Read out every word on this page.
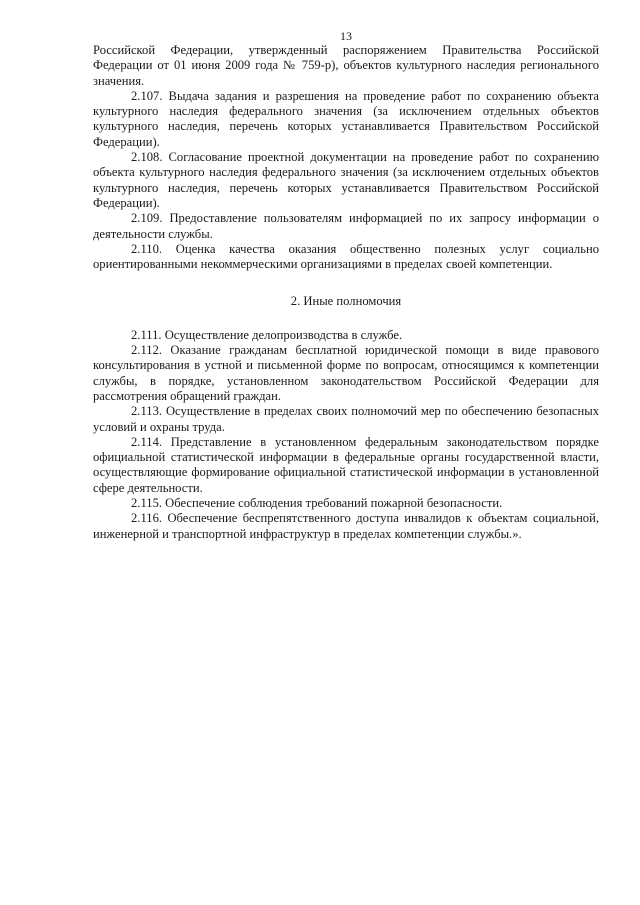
13

Российской Федерации, утвержденный распоряжением Правительства Российской Федерации от 01 июня 2009 года № 759-р), объектов культурного наследия регионального значения.

2.107. Выдача задания и разрешения на проведение работ по сохранению объекта культурного наследия федерального значения (за исключением отдельных объектов культурного наследия, перечень которых устанавливается Правительством Российской Федерации).

2.108. Согласование проектной документации на проведение работ по сохранению объекта культурного наследия федерального значения (за исключением отдельных объектов культурного наследия, перечень которых устанавливается Правительством Российской Федерации).

2.109. Предоставление пользователям информацией по их запросу информации о деятельности службы.

2.110. Оценка качества оказания общественно полезных услуг социально ориентированными некоммерческими организациями в пределах своей компетенции.

2. Иные полномочия

2.111. Осуществление делопроизводства в службе.

2.112. Оказание гражданам бесплатной юридической помощи в виде правового консультирования в устной и письменной форме по вопросам, относящимся к компетенции службы, в порядке, установленном законодательством Российской Федерации для рассмотрения обращений граждан.

2.113. Осуществление в пределах своих полномочий мер по обеспечению безопасных условий и охраны труда.

2.114. Представление в установленном федеральным законодательством порядке официальной статистической информации в федеральные органы государственной власти, осуществляющие формирование официальной статистической информации в установленной сфере деятельности.

2.115. Обеспечение соблюдения требований пожарной безопасности.

2.116. Обеспечение беспрепятственного доступа инвалидов к объектам социальной, инженерной и транспортной инфраструктур в пределах компетенции службы.».
